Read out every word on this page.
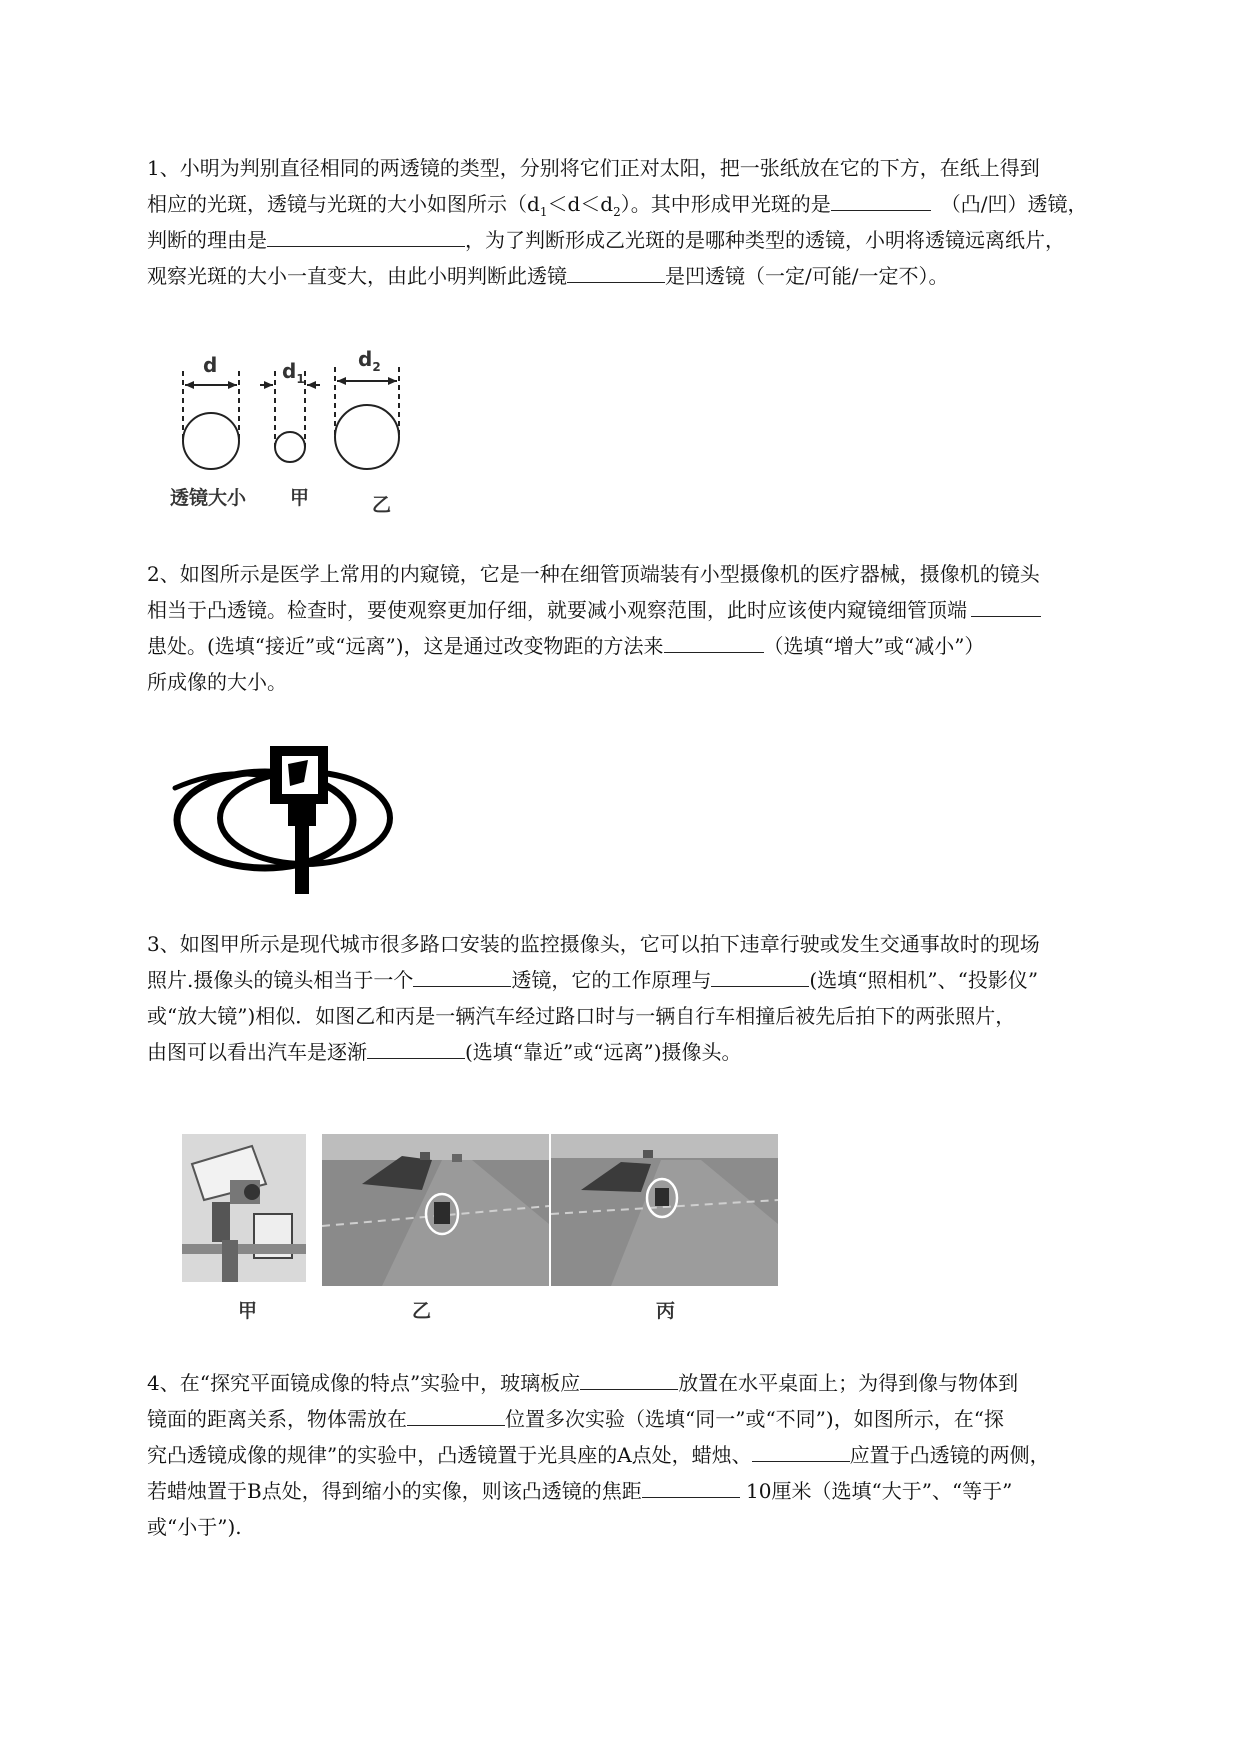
1、小明为判别直径相同的两透镜的类型，分别将它们正对太阳，把一张纸放在它的下方，在纸上得到
相应的光斑，透镜与光斑的大小如图所示$(d_1<d<d_2)$。其中形成甲光斑的是	（凸/凹）透镜，
判断的理由是	，为了判断形成乙光斑的是哪种类型的透镜，小明将透镜远离纸片，
观察光斑的大小一直变大，由此小明判断此透镜	是凹透镜（一定/可能/一定不）。
d	$d_1$
$d_2$
透镜大小 甲	乙
2、如图所示是医学上常用的内窥镜，它是一种在细管顶端装有小型摄像机的医疗器械，摄像机的镜头
相当于凸透镜。检查时，要使观察更加仔细，就要减小观察范围，此时应该使内窥镜细管顶端
患处。(选填“接近”或“远离”)，这是通过改变物距的方法来	（选填“增大”或“减小”）
所成像的大小。
3、如图甲所示是现代城市很多路口安装的监控摄像头，它可以拍下违章行驶或发生交通事故时的现场
照片.摄像头的镜头相当于一个	透镜，它的工作原理与	(选填“照相机”、“投影仪”
或“放大镜”)相似．如图乙和丙是一辆汽车经过路口时与一辆自行车相撞后被先后拍下的两张照片，
由图可以看出汽车是逐渐	(选填“靠近”或“远离”)摄像头。
甲	乙	丙
4、在“探究平面镜成像的特点”实验中，玻璃板应	放置在水平桌面上；为得到像与物体到
镜面的距离关系，物体需放在	位置多次实验（选填“同一”或“不同”)，如图所示，在“探
究凸透镜成像的规律”的实验中，凸透镜置于光具座的A点处，蜡烛、	应置于凸透镜的两侧，
若蜡烛置于B点处，得到缩小的实像，则该凸透镜的焦距	10厘米（选填“大于”、“等于”
或“小于”).
